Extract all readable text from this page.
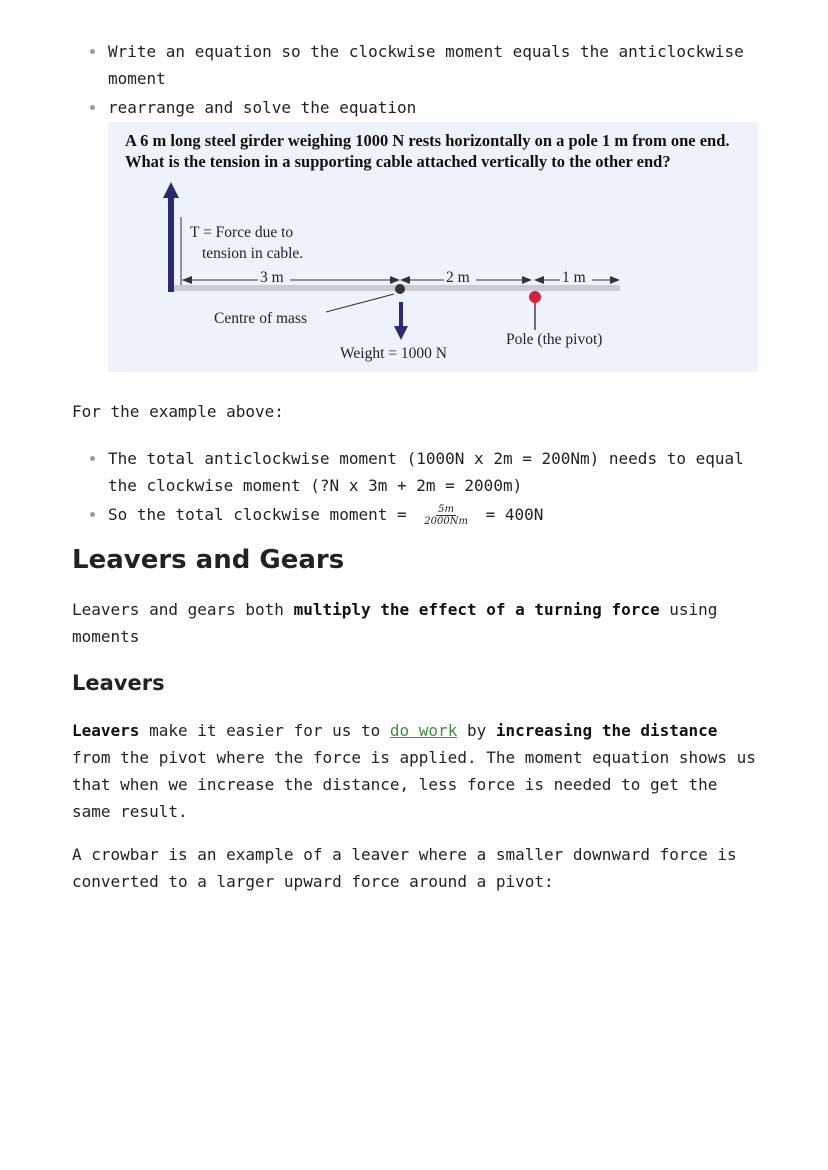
Write an equation so the clockwise moment equals the anticlockwise moment
rearrange and solve the equation
A 6 m long steel girder weighing 1000 N rests horizontally on a pole 1 m from one end. What is the tension in a supporting cable attached vertically to the other end?
T = Force due to
tension in cable.
3 m	2 m	1 m
Centre of mass
Weight = 1000 N
Pole (the pivot)
For the example above:
The total anticlockwise moment (1000N x 2m = 200Nm) needs to equal the clockwise moment (?N x 3m + 2m = 2000m)
So the total clockwise moment = $\frac{5m}{2000Nm} = 400N$
Leavers and Gears

Leavers and gears both multiply the effect of a turning force using moments

Leavers

Leavers make it easier for us to do work by increasing the distance from the pivot where the force is applied. The moment equation shows us that when we increase the distance, less force is needed to get the same result.

A crowbar is an example of a leaver where a smaller downward force is converted to a larger upward force around a pivot:
